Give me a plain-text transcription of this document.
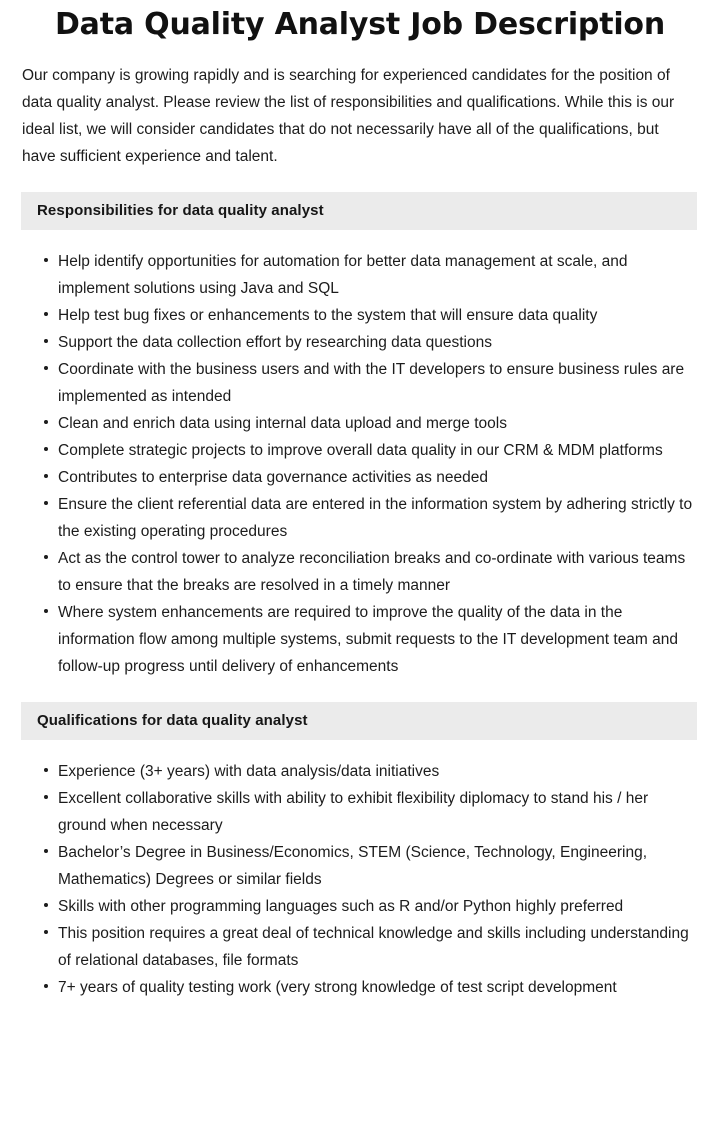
Data Quality Analyst Job Description

Our company is growing rapidly and is searching for experienced candidates for the position of data quality analyst. Please review the list of responsibilities and qualifications. While this is our ideal list, we will consider candidates that do not necessarily have all of the qualifications, but have sufficient experience and talent.

Responsibilities for data quality analyst
Help identify opportunities for automation for better data management at scale, and implement solutions using Java and SQL
Help test bug fixes or enhancements to the system that will ensure data quality
Support the data collection effort by researching data questions
Coordinate with the business users and with the IT developers to ensure business rules are implemented as intended
Clean and enrich data using internal data upload and merge tools
Complete strategic projects to improve overall data quality in our CRM & MDM platforms
Contributes to enterprise data governance activities as needed
Ensure the client referential data are entered in the information system by adhering strictly to the existing operating procedures
Act as the control tower to analyze reconciliation breaks and co-ordinate with various teams to ensure that the breaks are resolved in a timely manner
Where system enhancements are required to improve the quality of the data in the information flow among multiple systems, submit requests to the IT development team and follow-up progress until delivery of enhancements
Qualifications for data quality analyst
Experience (3+ years) with data analysis/data initiatives
Excellent collaborative skills with ability to exhibit flexibility diplomacy to stand his / her ground when necessary
Bachelor’s Degree in Business/Economics, STEM (Science, Technology, Engineering, Mathematics) Degrees or similar fields
Skills with other programming languages such as R and/or Python highly preferred
This position requires a great deal of technical knowledge and skills including understanding of relational databases, file formats
7+ years of quality testing work (very strong knowledge of test script development
